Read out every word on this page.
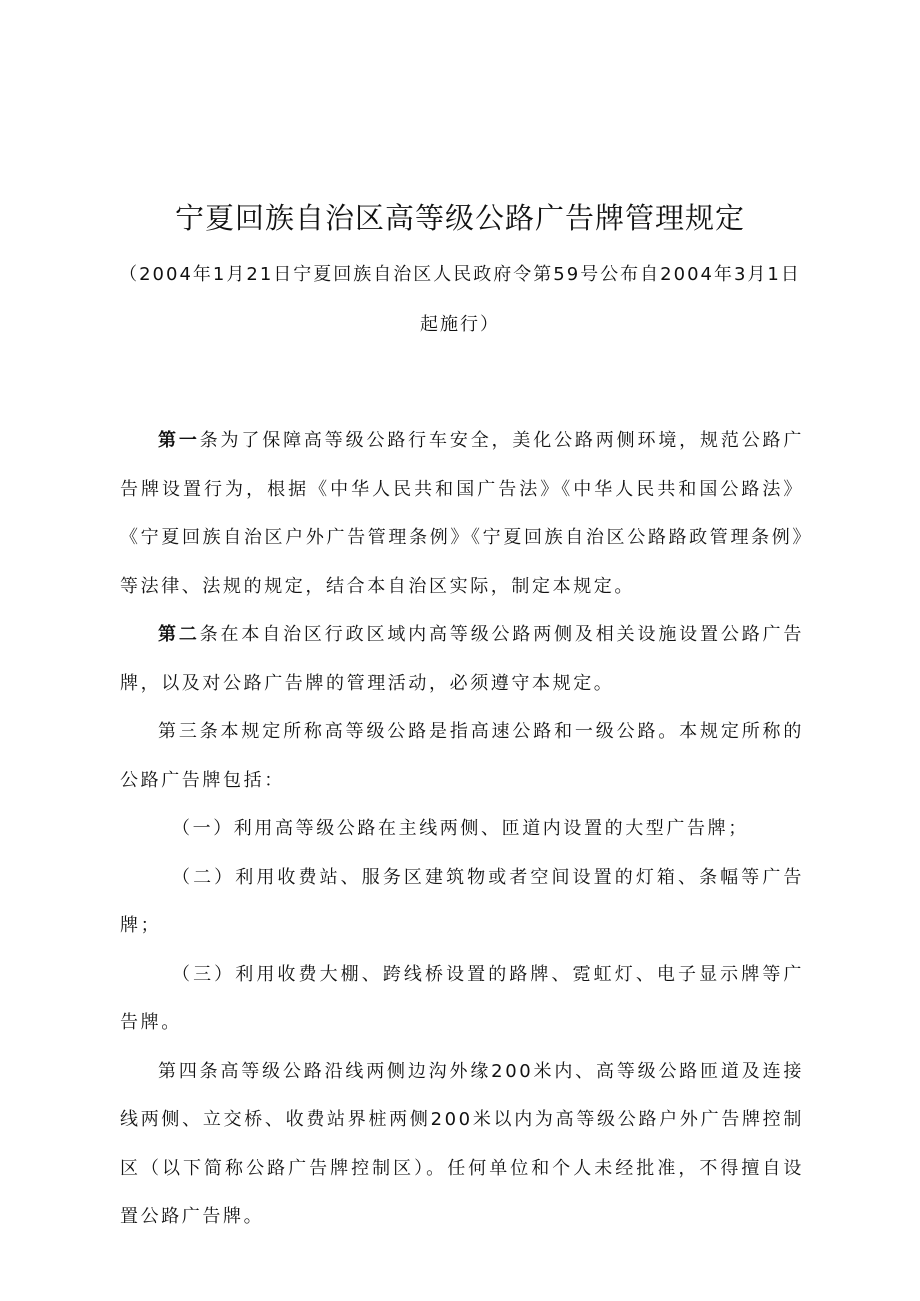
宁夏回族自治区高等级公路广告牌管理规定

（2004年1月21日宁夏回族自治区人民政府令第59号公布自2004年3月1日起施行）

第一条为了保障高等级公路行车安全，美化公路两侧环境，规范公路广告牌设置行为，根据《中华人民共和国广告法》《中华人民共和国公路法》《宁夏回族自治区户外广告管理条例》《宁夏回族自治区公路路政管理条例》等法律、法规的规定，结合本自治区实际，制定本规定。

第二条在本自治区行政区域内高等级公路两侧及相关设施设置公路广告牌，以及对公路广告牌的管理活动，必须遵守本规定。

第三条本规定所称高等级公路是指高速公路和一级公路。本规定所称的公路广告牌包括：

（一）利用高等级公路在主线两侧、匝道内设置的大型广告牌；

（二）利用收费站、服务区建筑物或者空间设置的灯箱、条幅等广告牌；

（三）利用收费大棚、跨线桥设置的路牌、霓虹灯、电子显示牌等广告牌。

第四条高等级公路沿线两侧边沟外缘200米内、高等级公路匝道及连接线两侧、立交桥、收费站界桩两侧200米以内为高等级公路户外广告牌控制区（以下简称公路广告牌控制区）。任何单位和个人未经批准，不得擅自设置公路广告牌。
